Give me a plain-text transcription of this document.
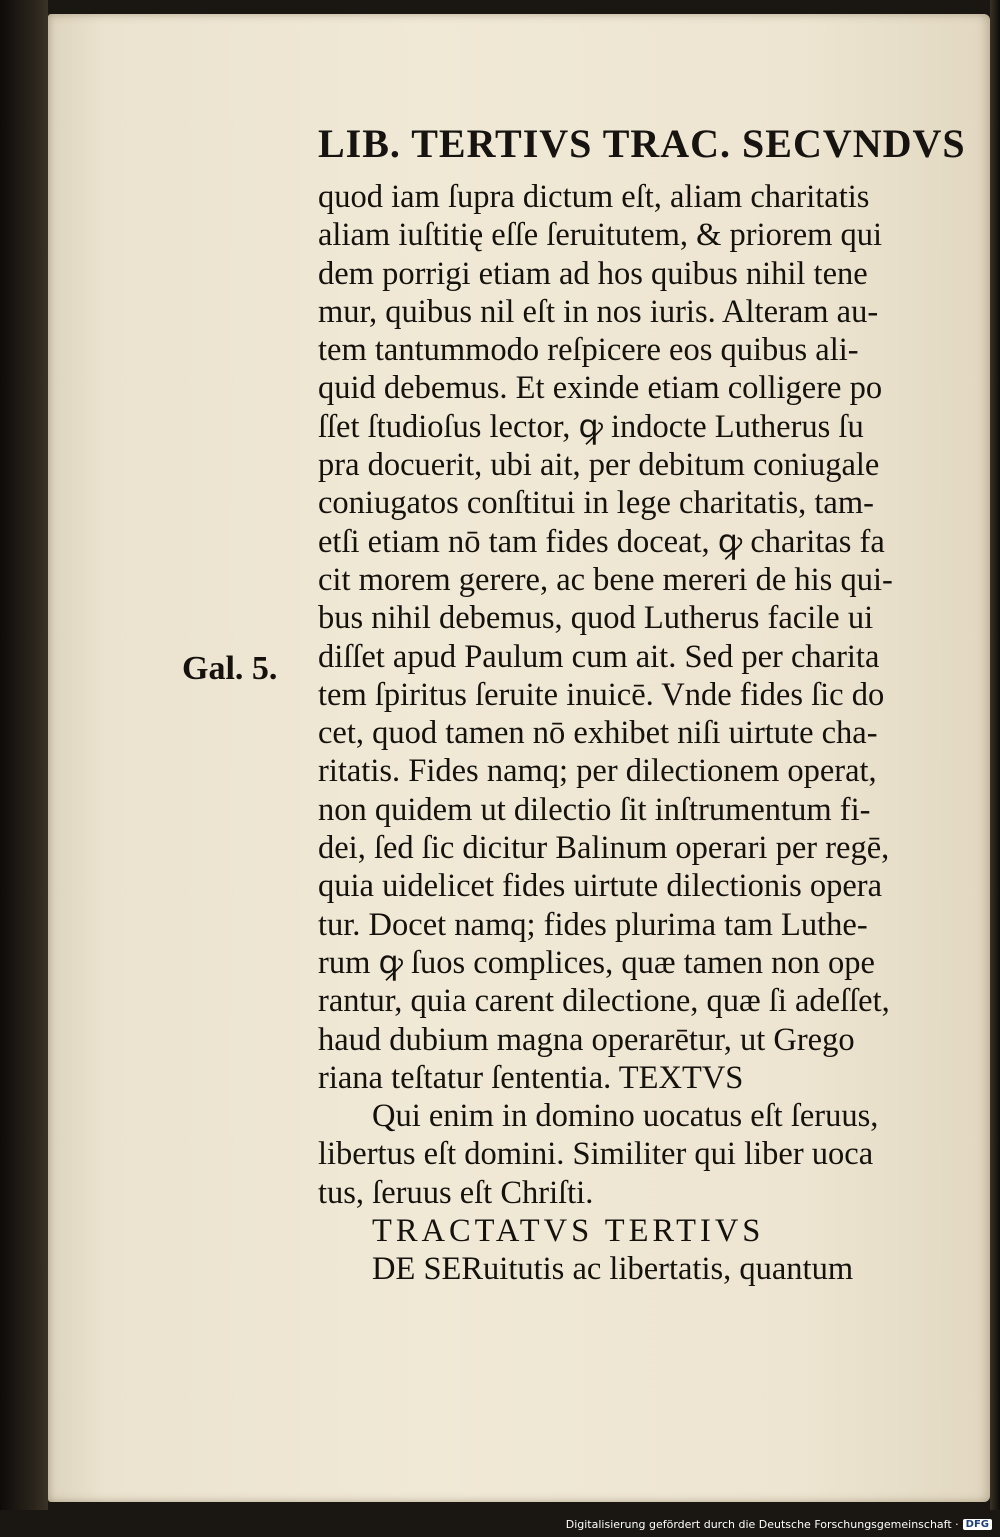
LIB. TERTIVS TRAC. SECVNDVS
Gal. 5.
quod iam ſupra dictum eſt, aliam charitatis
aliam iuſtitię eſſe ſeruitutem, & priorem qui
dem porrigi etiam ad hos quibus nihil tene
mur, quibus nil eſt in nos iuris. Alteram au-
tem tantummodo reſpicere eos quibus ali-
quid debemus. Et exinde etiam colligere po
ſſet ſtudioſus lector, ꝙ indocte Lutherus ſu
pra docuerit, ubi ait, per debitum coniugale
coniugatos conſtitui in lege charitatis, tam-
etſi etiam nō tam fides doceat, ꝙ charitas fa
cit morem gerere, ac bene mereri de his qui-
bus nihil debemus, quod Lutherus facile ui
diſſet apud Paulum cum ait. Sed per charita
tem ſpiritus ſeruite inuicē. Vnde fides ſic do
cet, quod tamen nō exhibet niſi uirtute cha-
ritatis. Fides namq; per dilectionem operat,
non quidem ut dilectio ſit inſtrumentum fi-
dei, ſed ſic dicitur Balinum operari per regē,
quia uidelicet fides uirtute dilectionis opera
tur. Docet namq; fides plurima tam Luthe-
rum ꝙ ſuos complices, quæ tamen non ope
rantur, quia carent dilectione, quæ ſi adeſſet,
haud dubium magna operarētur, ut Grego
riana teſtatur ſententia. TEXTVS
Qui enim in domino uocatus eſt ſeruus,
libertus eſt domini. Similiter qui liber uoca
tus, ſeruus eſt Chriſti.
TRACTATVS TERTIVS
DE SERuitutis ac libertatis, quantum
Digitalisierung gefördert durch die Deutsche Forschungsgemeinschaft · DFG
